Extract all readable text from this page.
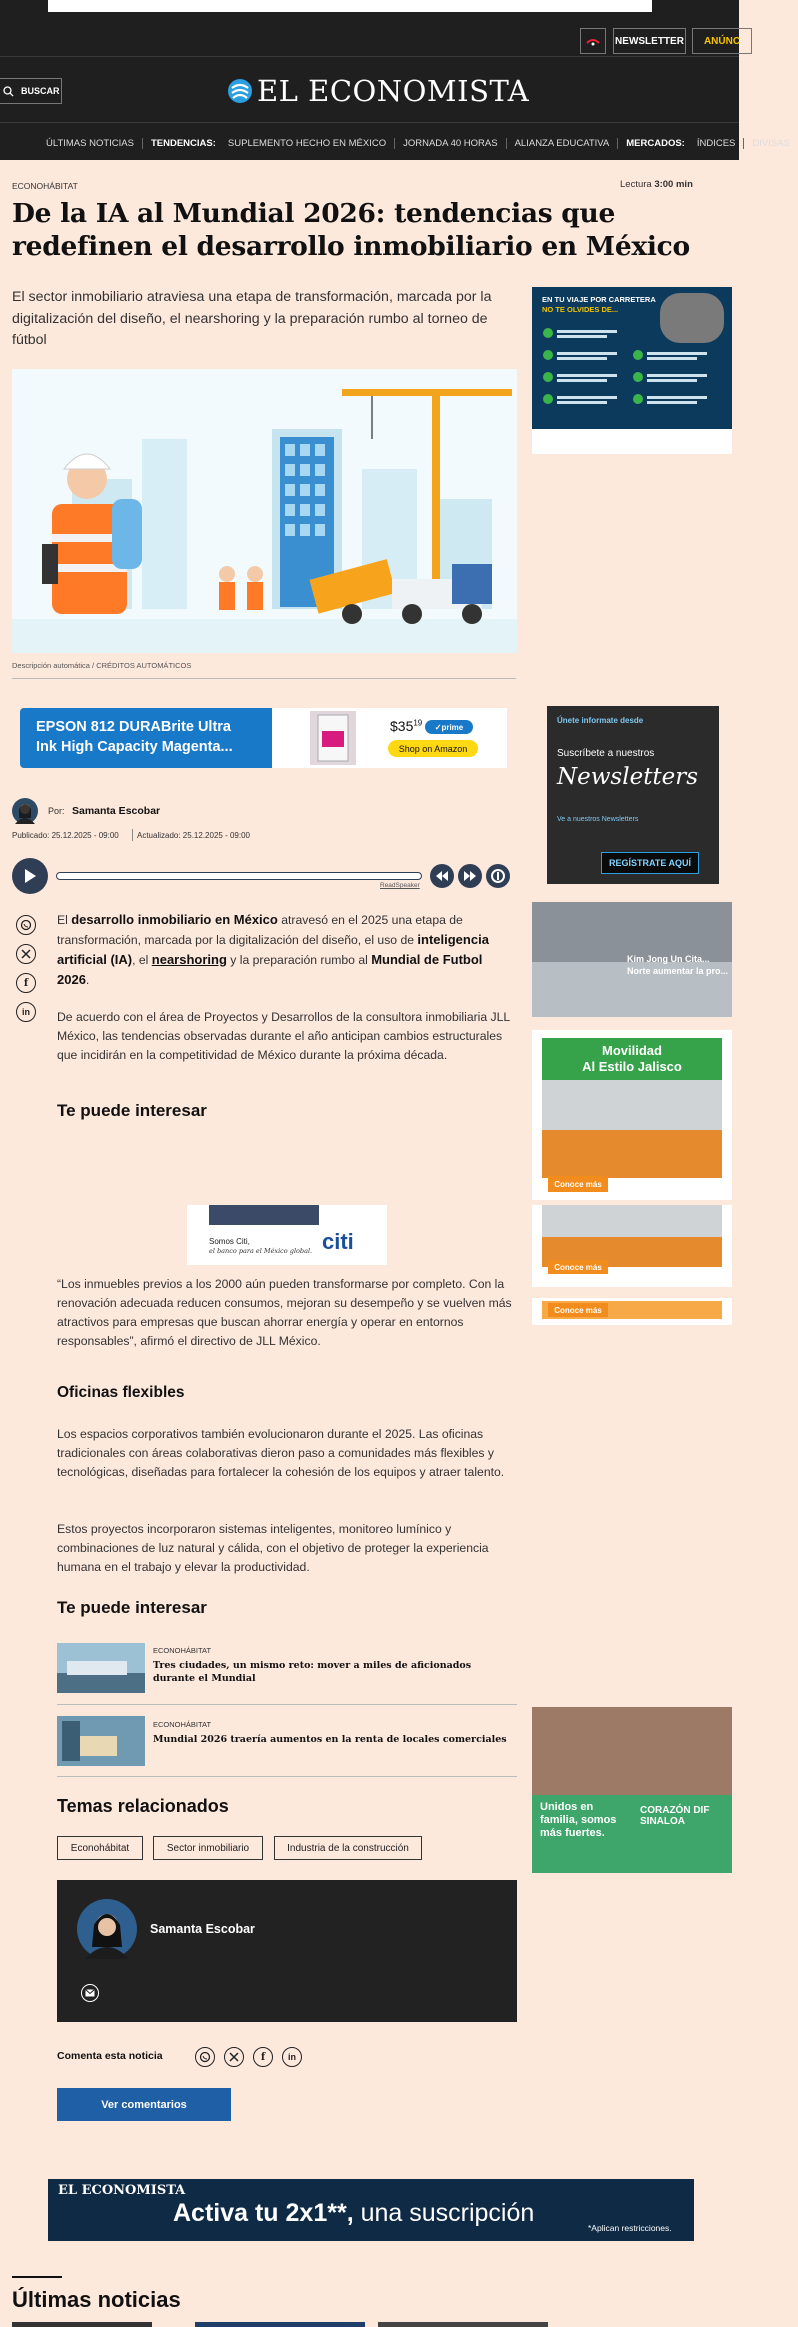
NEWSLETTER	ANÚNC
BUSCAR	EL ECONOMISTA
ÚLTIMAS NOTICIAS	TENDENCIAS:	SUPLEMENTO HECHO EN MÉXICO	JORNADA 40 HORAS	ALIANZA EDUCATIVA	MERCADOS:	ÍNDICES	DIVISAS
ECONOHÁBITAT	Lectura 3:00 min
De la IA al Mundial 2026: tendencias que redefinen el desarrollo inmobiliario en México
El sector inmobiliario atraviesa una etapa de transformación, marcada por la digitalización del diseño, el nearshoring y la preparación rumbo al torneo de fútbol
Descripción automática / CRÉDITOS AUTOMÁTICOS
EN TU VIAJE POR CARRETERA
NO TE OLVIDES DE...
Únete informate desde
Suscríbete a nuestros
Newsletters
Ve a nuestros Newsletters
REGÍSTRATE AQUÍ
Kim Jong Un Cita...
Norte aumentar la pro...
Movilidad
Al Estilo Jalisco
Conoce más
Conoce más
Conoce más
Unidos en familia, somos más fuertes.
CORAZÓN DIF SINALOA
EPSON 812 DURABrite Ultra
Ink High Capacity Magenta...
$\$35^{19}$	✓prime
Shop on Amazon
Por: Samanta Escobar
Publicado: 25.12.2025 - 09:00 Actualizado: 25.12.2025 - 09:00
ReadSpeaker
f
in
El desarrollo inmobiliario en México atravesó en el 2025 una etapa de transformación, marcada por la digitalización del diseño, el uso de inteligencia artificial (IA), el nearshoring y la preparación rumbo al Mundial de Futbol 2026.
De acuerdo con el área de Proyectos y Desarrollos de la consultora inmobiliaria JLL México, las tendencias observadas durante el año anticipan cambios estructurales que incidirán en la competitividad de México durante la próxima década.
Te puede interesar
Somos Citi,
el banco para el México global. citi
“Los inmuebles previos a los 2000 aún pueden transformarse por completo. Con la renovación adecuada reducen consumos, mejoran su desempeño y se vuelven más atractivos para empresas que buscan ahorrar energía y operar en entornos responsables”, afirmó el directivo de JLL México.
Oficinas flexibles
Los espacios corporativos también evolucionaron durante el 2025. Las oficinas tradicionales con áreas colaborativas dieron paso a comunidades más flexibles y tecnológicas, diseñadas para fortalecer la cohesión de los equipos y atraer talento.
Estos proyectos incorporaron sistemas inteligentes, monitoreo lumínico y combinaciones de luz natural y cálida, con el objetivo de proteger la experiencia humana en el trabajo y elevar la productividad.
Te puede interesar
ECONOHÁBITAT
Tres ciudades, un mismo reto: mover a miles de aficionados durante el Mundial
ECONOHÁBITAT
Mundial 2026 traería aumentos en la renta de locales comerciales
Temas relacionados
Econohábitat	Sector inmobiliario	Industria de la construcción
Samanta Escobar
Comenta esta noticia	f	in
Ver comentarios
EL ECONOMISTA
Activa tu 2x1**, una suscripción
*Aplican restricciones.
Últimas noticias
